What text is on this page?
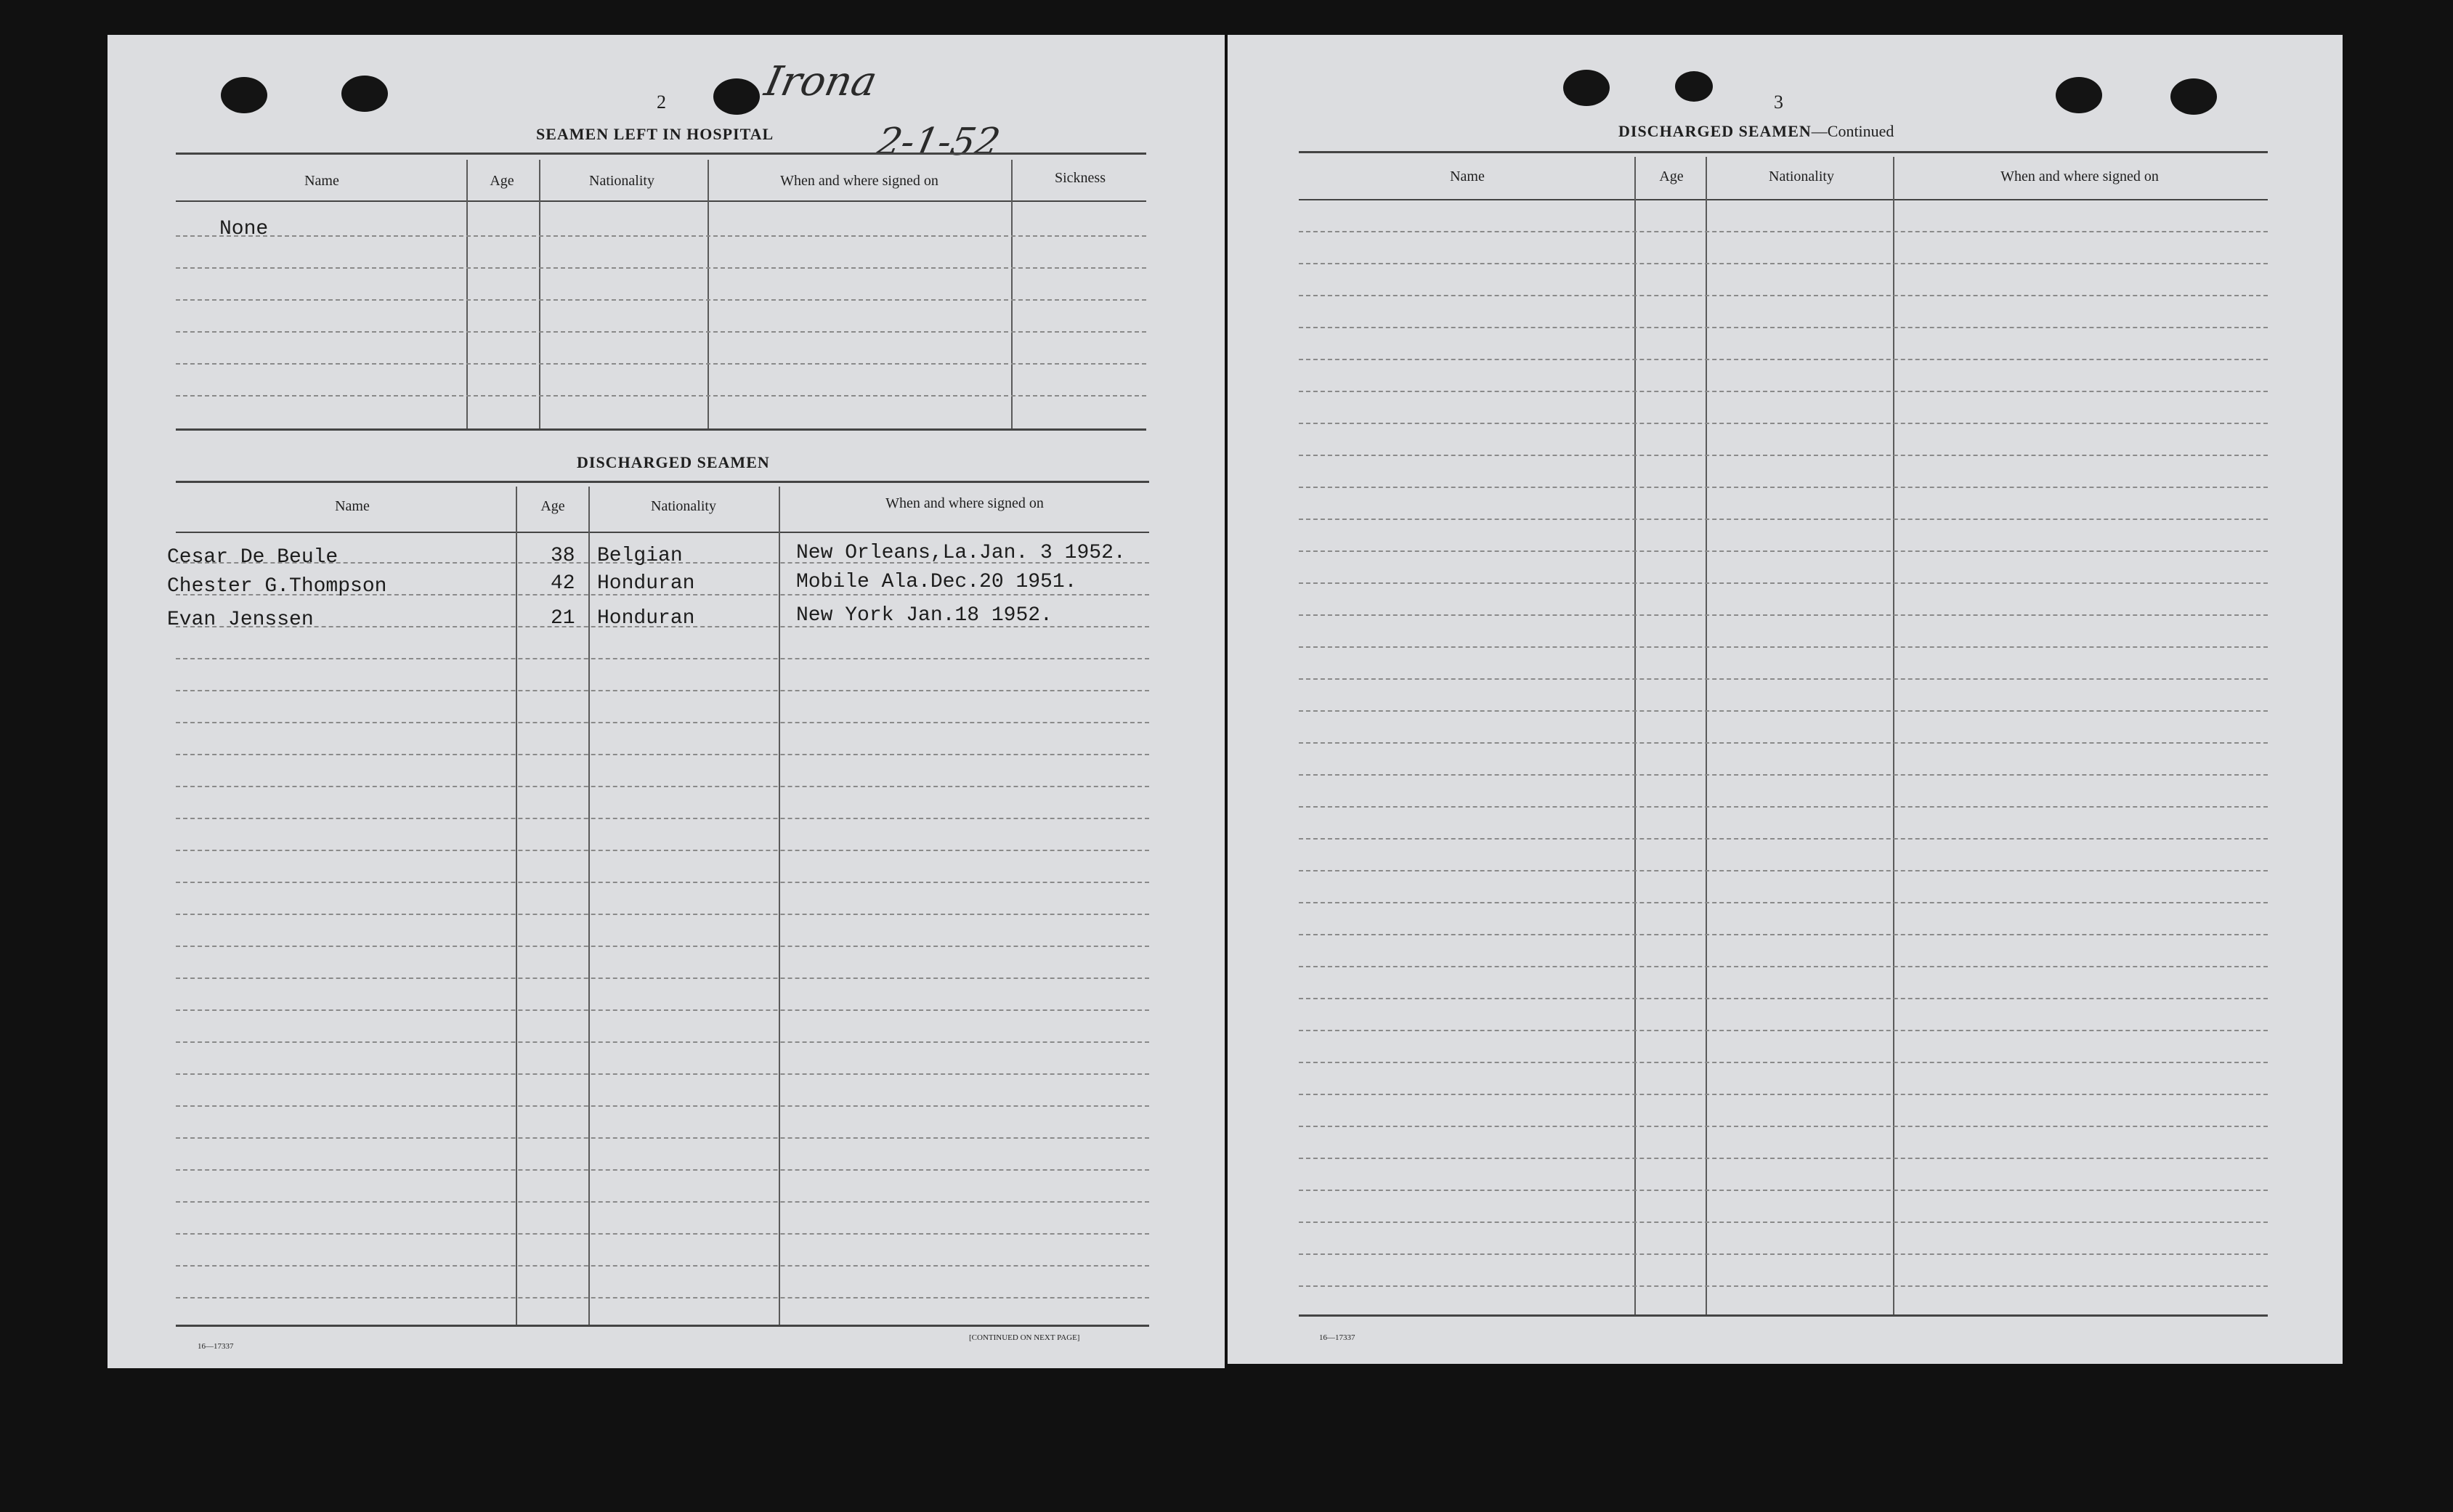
2 Irona
2-1-52
SEAMEN LEFT IN HOSPITAL
Name	Age	Nationality	When and where signed on	Sickness
None
DISCHARGED SEAMEN
Name	Age	Nationality	When and where signed on
Cesar De Beule	38 Belgian	New Orleans,La.Jan. 3 1952.
Chester G.Thompson	42 Honduran	Mobile Ala.Dec.20 1951.
Evan Jenssen	21 Honduran	New York Jan.18 1952.
16—17337
[CONTINUED ON NEXT PAGE]
3
DISCHARGED SEAMEN—Continued
Name	Age	Nationality	When and where signed on
16—17337
